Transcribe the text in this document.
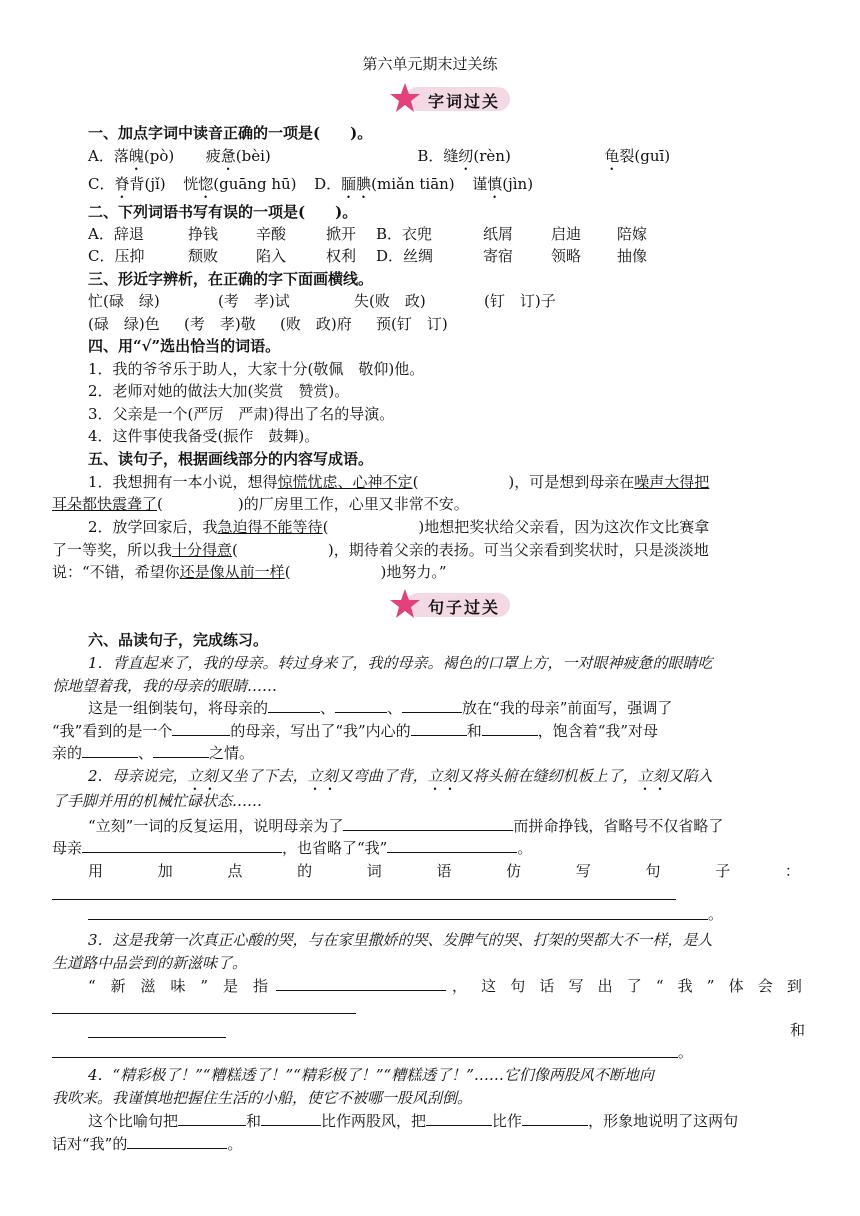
第六单元期末过关练
字词过关
一、加点字词中读音正确的一项是(　　)。
A．落魄(pò) 疲惫(bèi)	B．缝纫(rèn)	龟裂(guī)
C．脊背(jǐ) 恍惚(guāng hū) D．腼腆(miǎn tiān) 谨慎(jìn)
二、下列词语书写有误的一项是(　　)。
A．辞退	挣钱	辛酸	掀开 B．衣兜	纸屑	启迪 陪嫁
C．压抑	颓败	陷入	权利 D．丝绸	寄宿	领略 抽像
三、形近字辨析，在正确的字下面画横线。
忙(碌　绿)	(考　孝)试	失(败　政)	(钉　订)子
(碌　绿)色 (考　孝)敬 (败　政)府 预(钉　订)
四、用“√”选出恰当的词语。
1．我的爷爷乐于助人，大家十分(敬佩　敬仰)他。
2．老师对她的做法大加(奖赏　赞赏)。
3．父亲是一个(严厉　严肃)得出了名的导演。
4．这件事使我备受(振作　鼓舞)。
五、读句子，根据画线部分的内容写成语。
1．我想拥有一本小说，想得惊慌忧虑、心神不定(　　　　　　)，可是想到母亲在噪声大得把
耳朵都快震聋了(　　　　　)的厂房里工作，心里又非常不安。
2．放学回家后，我急迫得不能等待(　　　　　　)地想把奖状给父亲看，因为这次作文比赛拿
了一等奖，所以我十分得意(　　　　　　)，期待着父亲的表扬。可当父亲看到奖状时，只是淡淡地
说：“不错，希望你还是像从前一样(　　　　　　)地努力。”
句子过关
六、品读句子，完成练习。
1．背直起来了，我的母亲。转过身来了，我的母亲。褐色的口罩上方，一对眼神疲惫的眼睛吃
惊地望着我，我的母亲的眼睛……
这是一组倒装句，将母亲的	、	、	放在“我的母亲”前面写，强调了
“我”看到的是一个	的母亲，写出了“我”内心的	和	，饱含着“我”对母
亲的	、	之情。
2．母亲说完，立刻又坐了下去，立刻又弯曲了背，立刻又将头俯在缝纫机板上了，立刻又陷入
了手脚并用的机械忙碌状态……
“立刻”一词的反复运用，说明母亲为了	而拼命挣钱，省略号不仅省略了
母亲	，也省略了“我”	。
用	加	点	的	词	语	仿	写	句	子	：
。
3．这是我第一次真正心酸的哭，与在家里撒娇的哭、发脾气的哭、打架的哭都大不一样，是人
生道路中品尝到的新滋味了。
“ 新 滋 味 ” 是 指	， 这 句 话 写 出 了 “ 我 ” 体 会 到
和
。
4．“精彩极了！”“糟糕透了！”“精彩极了！”“糟糕透了！”……它们像两股风不断地向
我吹来。我谨慎地把握住生活的小船，使它不被哪一股风刮倒。
这个比喻句把	和	比作两股风，把	比作	，形象地说明了这两句
话对“我”的	。
